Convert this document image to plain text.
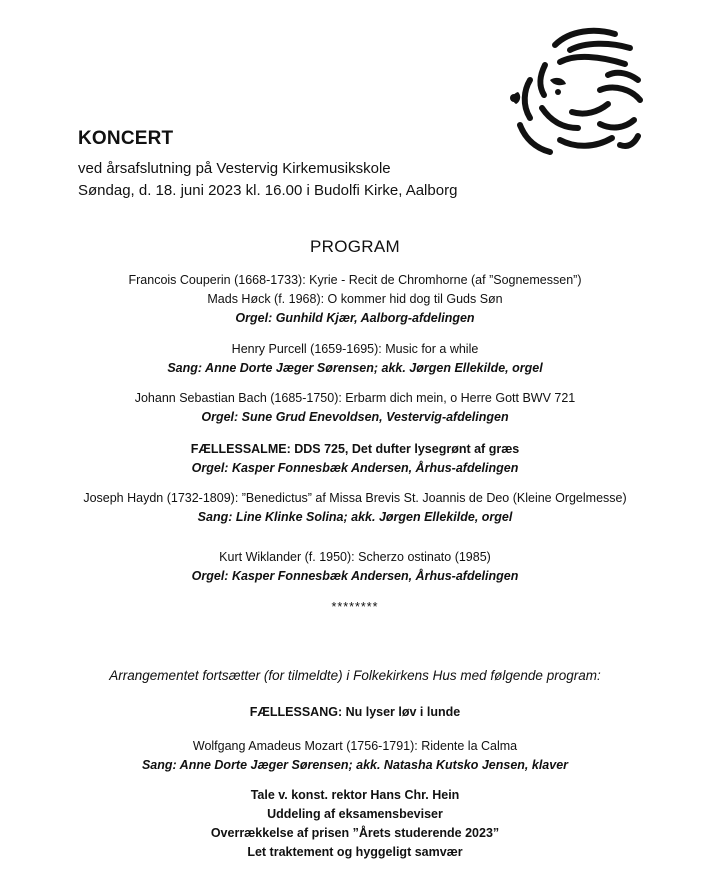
KONCERT
ved årsafslutning på Vestervig Kirkemusikskole
Søndag, d. 18. juni 2023 kl. 16.00 i Budolfi Kirke, Aalborg
PROGRAM
Francois Couperin (1668-1733): Kyrie - Recit de Chromhorne (af ”Sognemessen”)
Mads Høck (f. 1968): O kommer hid dog til Guds Søn
Orgel: Gunhild Kjær, Aalborg-afdelingen
Henry Purcell (1659-1695): Music for a while
Sang: Anne Dorte Jæger Sørensen; akk. Jørgen Ellekilde, orgel
Johann Sebastian Bach (1685-1750): Erbarm dich mein, o Herre Gott BWV 721
Orgel: Sune Grud Enevoldsen, Vestervig-afdelingen
FÆLLESSALME: DDS 725, Det dufter lysegrønt af græs
Orgel: Kasper Fonnesbæk Andersen, Århus-afdelingen
Joseph Haydn (1732-1809): ”Benedictus” af Missa Brevis St. Joannis de Deo (Kleine Orgelmesse)
Sang: Line Klinke Solina; akk. Jørgen Ellekilde, orgel
Kurt Wiklander (f. 1950): Scherzo ostinato (1985)
Orgel: Kasper Fonnesbæk Andersen, Århus-afdelingen
********
Arrangementet fortsætter (for tilmeldte) i Folkekirkens Hus med følgende program:
FÆLLESSANG: Nu lyser løv i lunde
Wolfgang Amadeus Mozart (1756-1791): Ridente la Calma
Sang: Anne Dorte Jæger Sørensen; akk. Natasha Kutsko Jensen, klaver
Tale v. konst. rektor Hans Chr. Hein
Uddeling af eksamensbeviser
Overrækkelse af prisen ”Årets studerende 2023”
Let traktement og hyggeligt samvær
